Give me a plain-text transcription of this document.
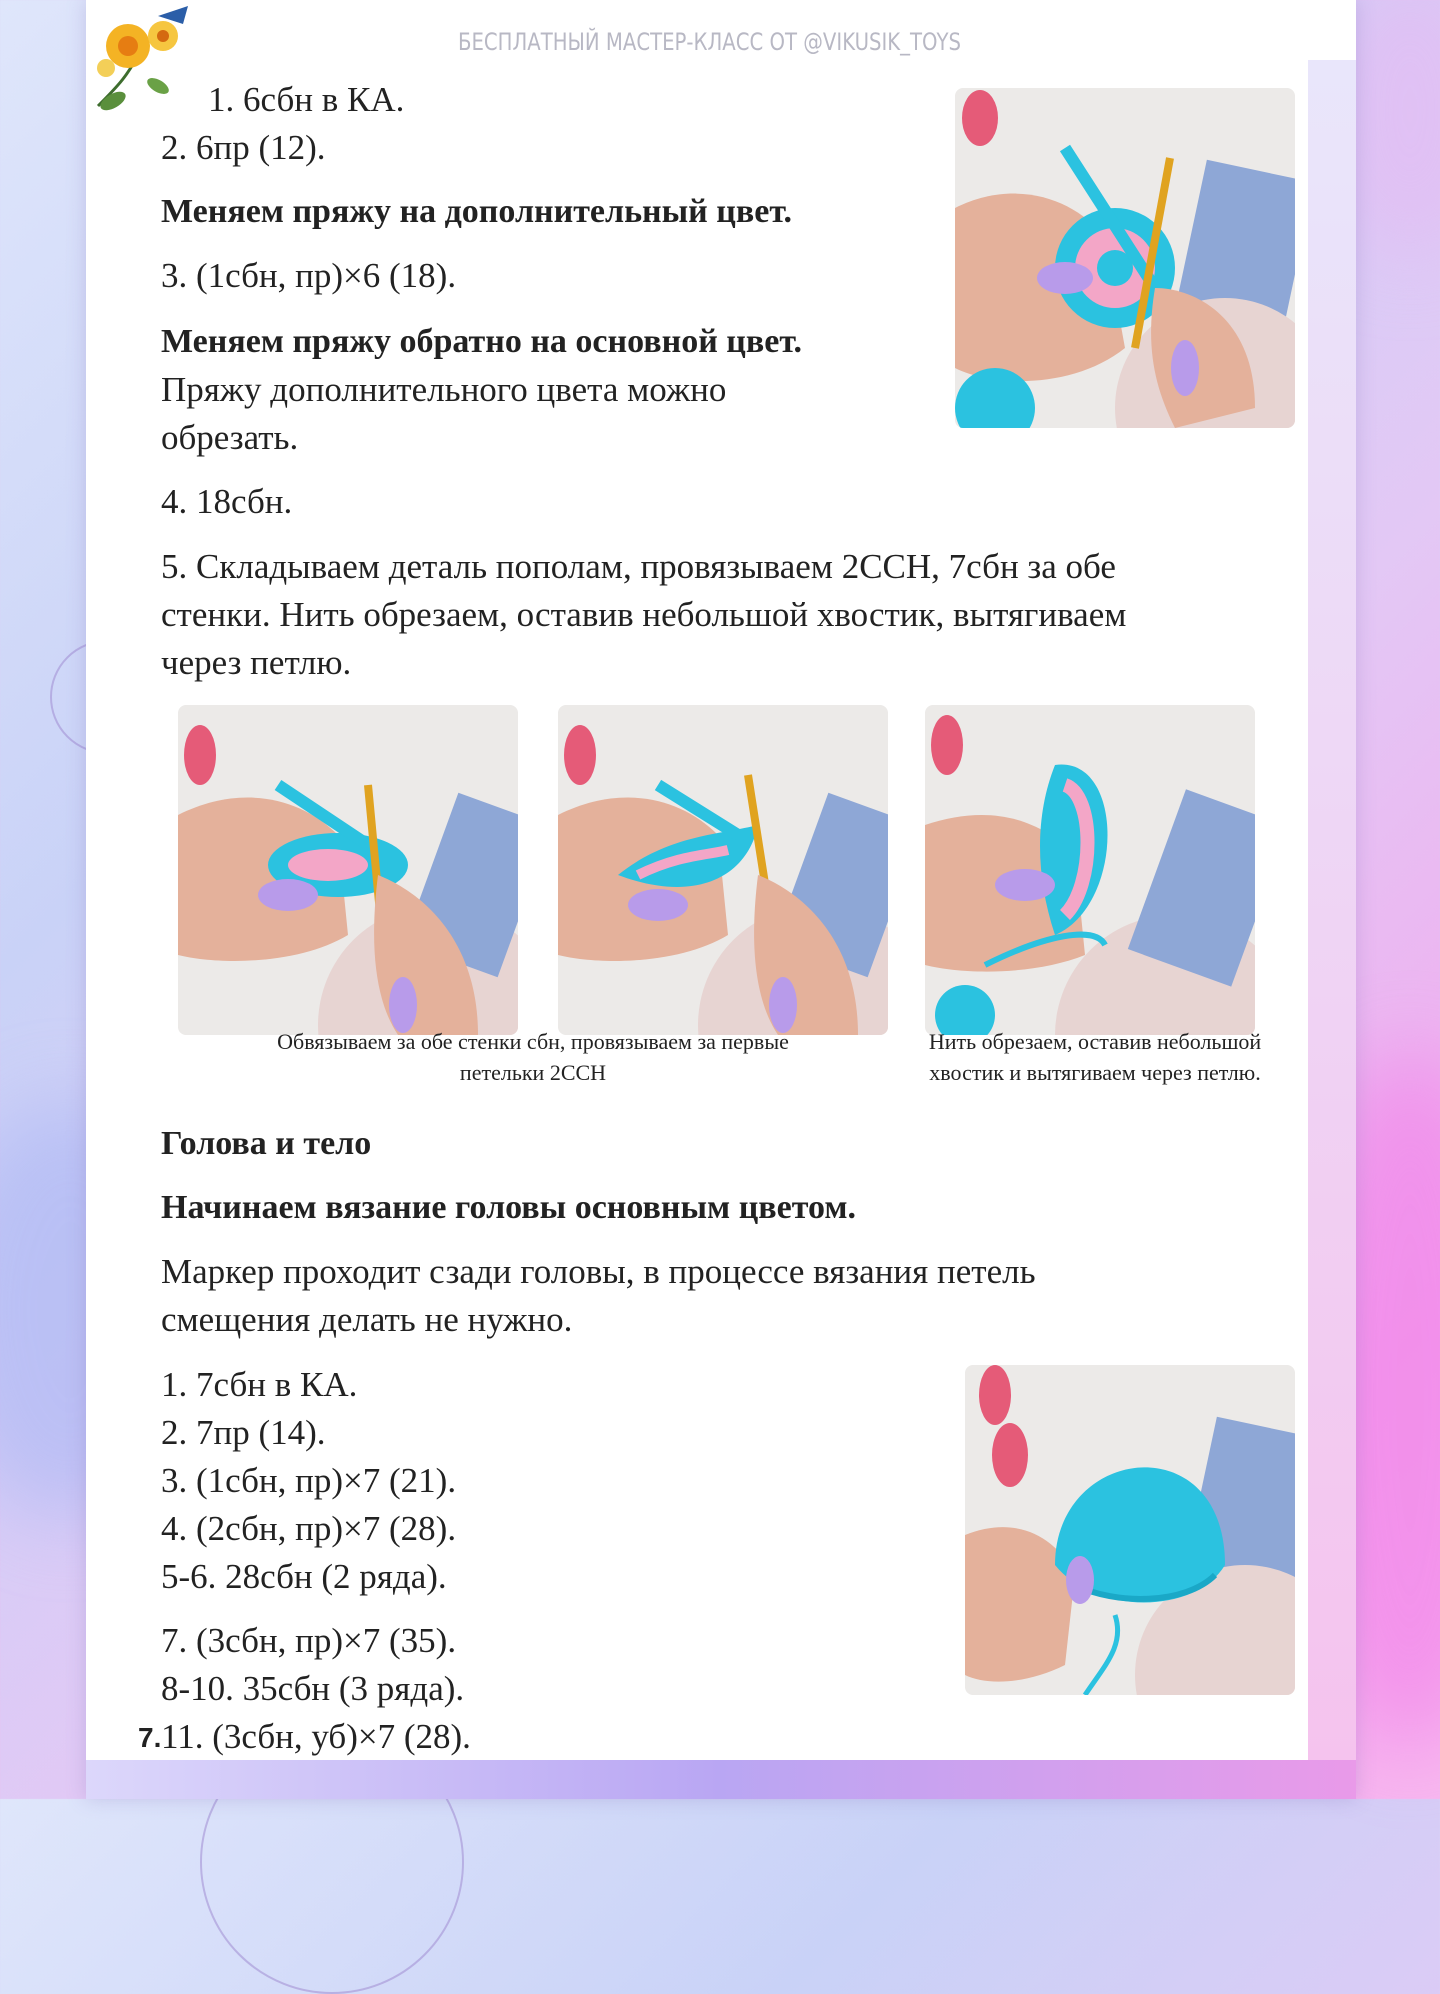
БЕСПЛАТНЫЙ МАСТЕР-КЛАСС ОТ @VIKUSIK_TOYS
1. 6сбн в КА.
2. 6пр (12).
Меняем пряжу на дополнительный цвет.
3. (1сбн, пр)×6 (18).
Меняем пряжу обратно на основной цвет.
Пряжу дополнительного цвета можно
обрезать.
4. 18сбн.
5. Складываем деталь пополам, провязываем 2ССН, 7сбн за обе
стенки. Нить обрезаем, оставив небольшой хвостик, вытягиваем
через петлю.
Обвязываем за обе стенки сбн, провязываем за первые
петельки 2ССН
Нить обрезаем, оставив небольшой
хвостик и вытягиваем через петлю.
Голова и тело
Начинаем вязание головы основным цветом.
Маркер проходит сзади головы, в процессе вязания петель
смещения делать не нужно.
1. 7сбн в КА.
2. 7пр (14).
3. (1сбн, пр)×7 (21).
4. (2сбн, пр)×7 (28).
5-6. 28сбн (2 ряда).
7. (3сбн, пр)×7 (35).
8-10. 35сбн (3 ряда).
11. (3сбн, уб)×7 (28).
7.
